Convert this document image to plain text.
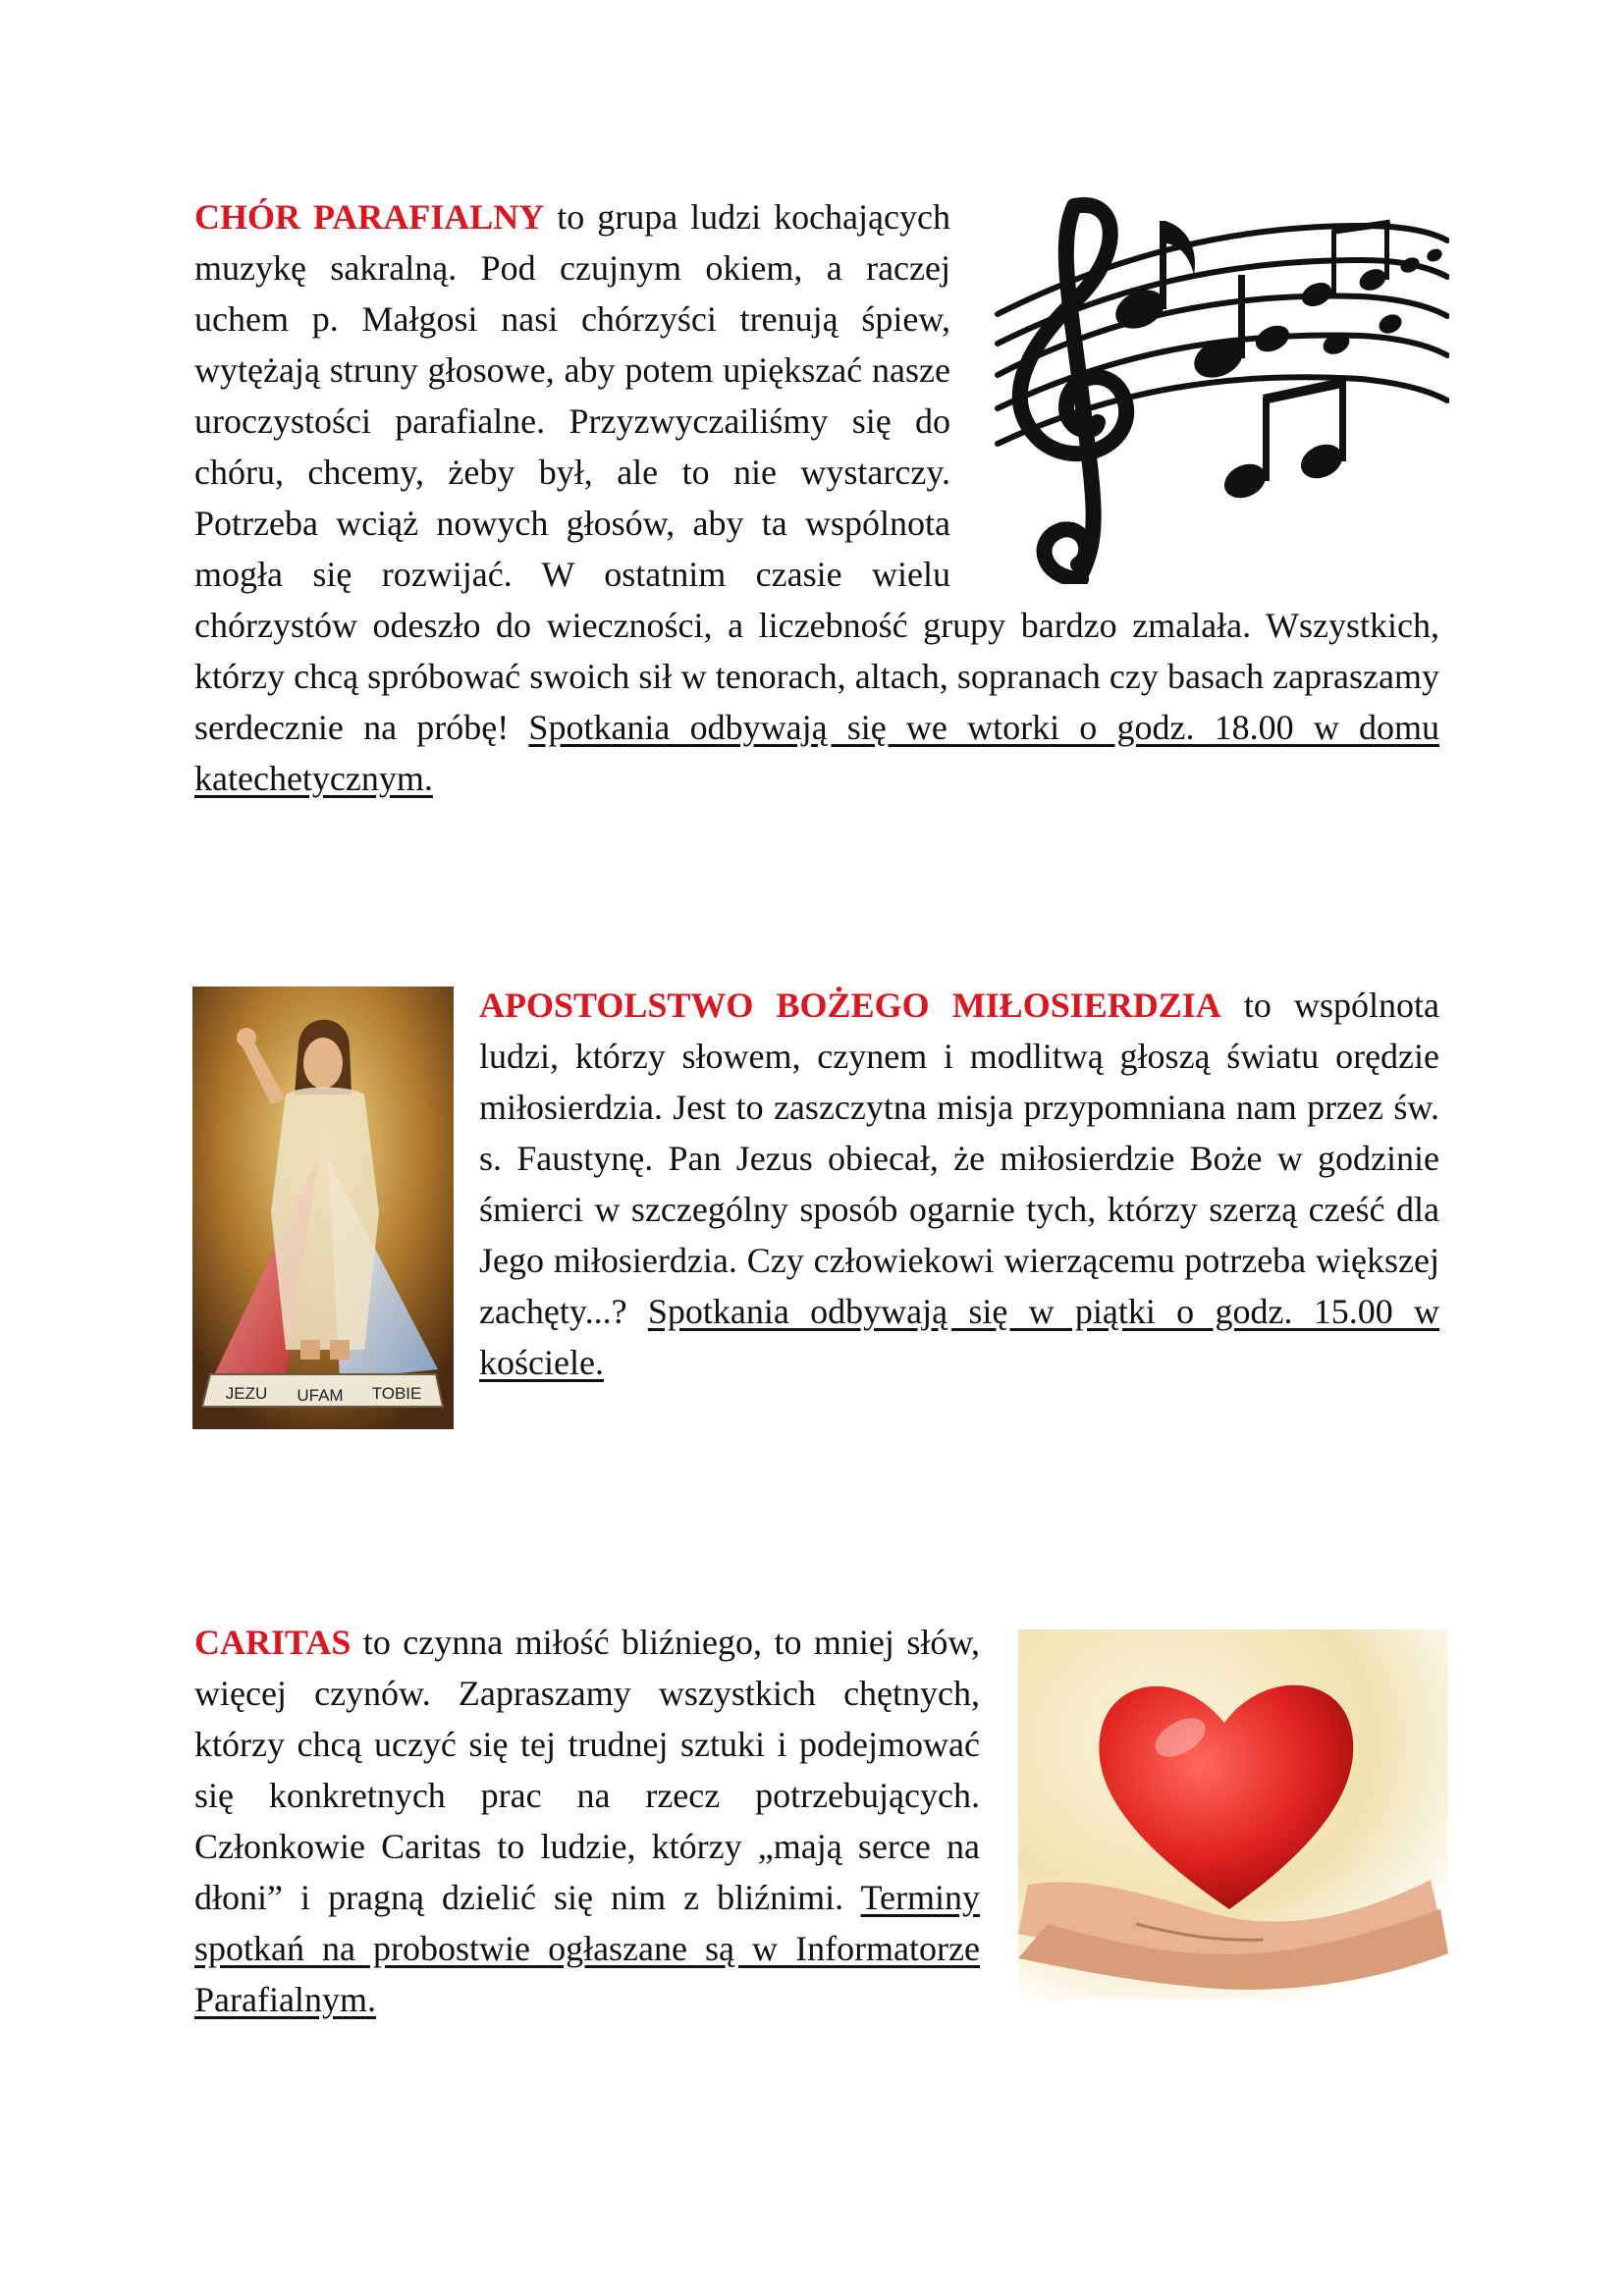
CHÓR PARAFIALNY to grupa ludzi kochających muzykę sakralną. Pod czujnym okiem, a raczej uchem p. Małgosi nasi chórzyści trenują śpiew, wytężają struny głosowe, aby potem upiększać nasze uroczystości parafialne. Przyzwyczailiśmy się do chóru, chcemy, żeby był, ale to nie wystarczy. Potrzeba wciąż nowych głosów, aby ta wspólnota mogła się rozwijać. W ostatnim czasie wielu chórzystów odeszło do wieczności, a liczebność grupy bardzo zmalała. Wszystkich, którzy chcą spróbować swoich sił w tenorach, altach, sopranach czy basach zapraszamy serdecznie na próbę! Spotkania odbywają się we wtorki o godz. 18.00 w domu katechetycznym.
JEZU UFAM TOBIE
APOSTOLSTWO BOŻEGO MIŁOSIERDZIA to wspólnota ludzi, którzy słowem, czynem i modlitwą głoszą światu orędzie miłosierdzia. Jest to zaszczytna misja przypomniana nam przez św. s. Faustynę. Pan Jezus obiecał, że miłosierdzie Boże w godzinie śmierci w szczególny sposób ogarnie tych, którzy szerzą cześć dla Jego miłosierdzia. Czy człowiekowi wierzącemu potrzeba większej zachęty...? Spotkania odbywają się w piątki o godz. 15.00 w kościele.
CARITAS to czynna miłość bliźniego, to mniej słów, więcej czynów. Zapraszamy wszystkich chętnych, którzy chcą uczyć się tej trudnej sztuki i podejmować się konkretnych prac na rzecz potrzebujących. Członkowie Caritas to ludzie, którzy „mają serce na dłoni” i pragną dzielić się nim z bliźnimi. Terminy spotkań na probostwie ogłaszane są w Informatorze Parafialnym.
